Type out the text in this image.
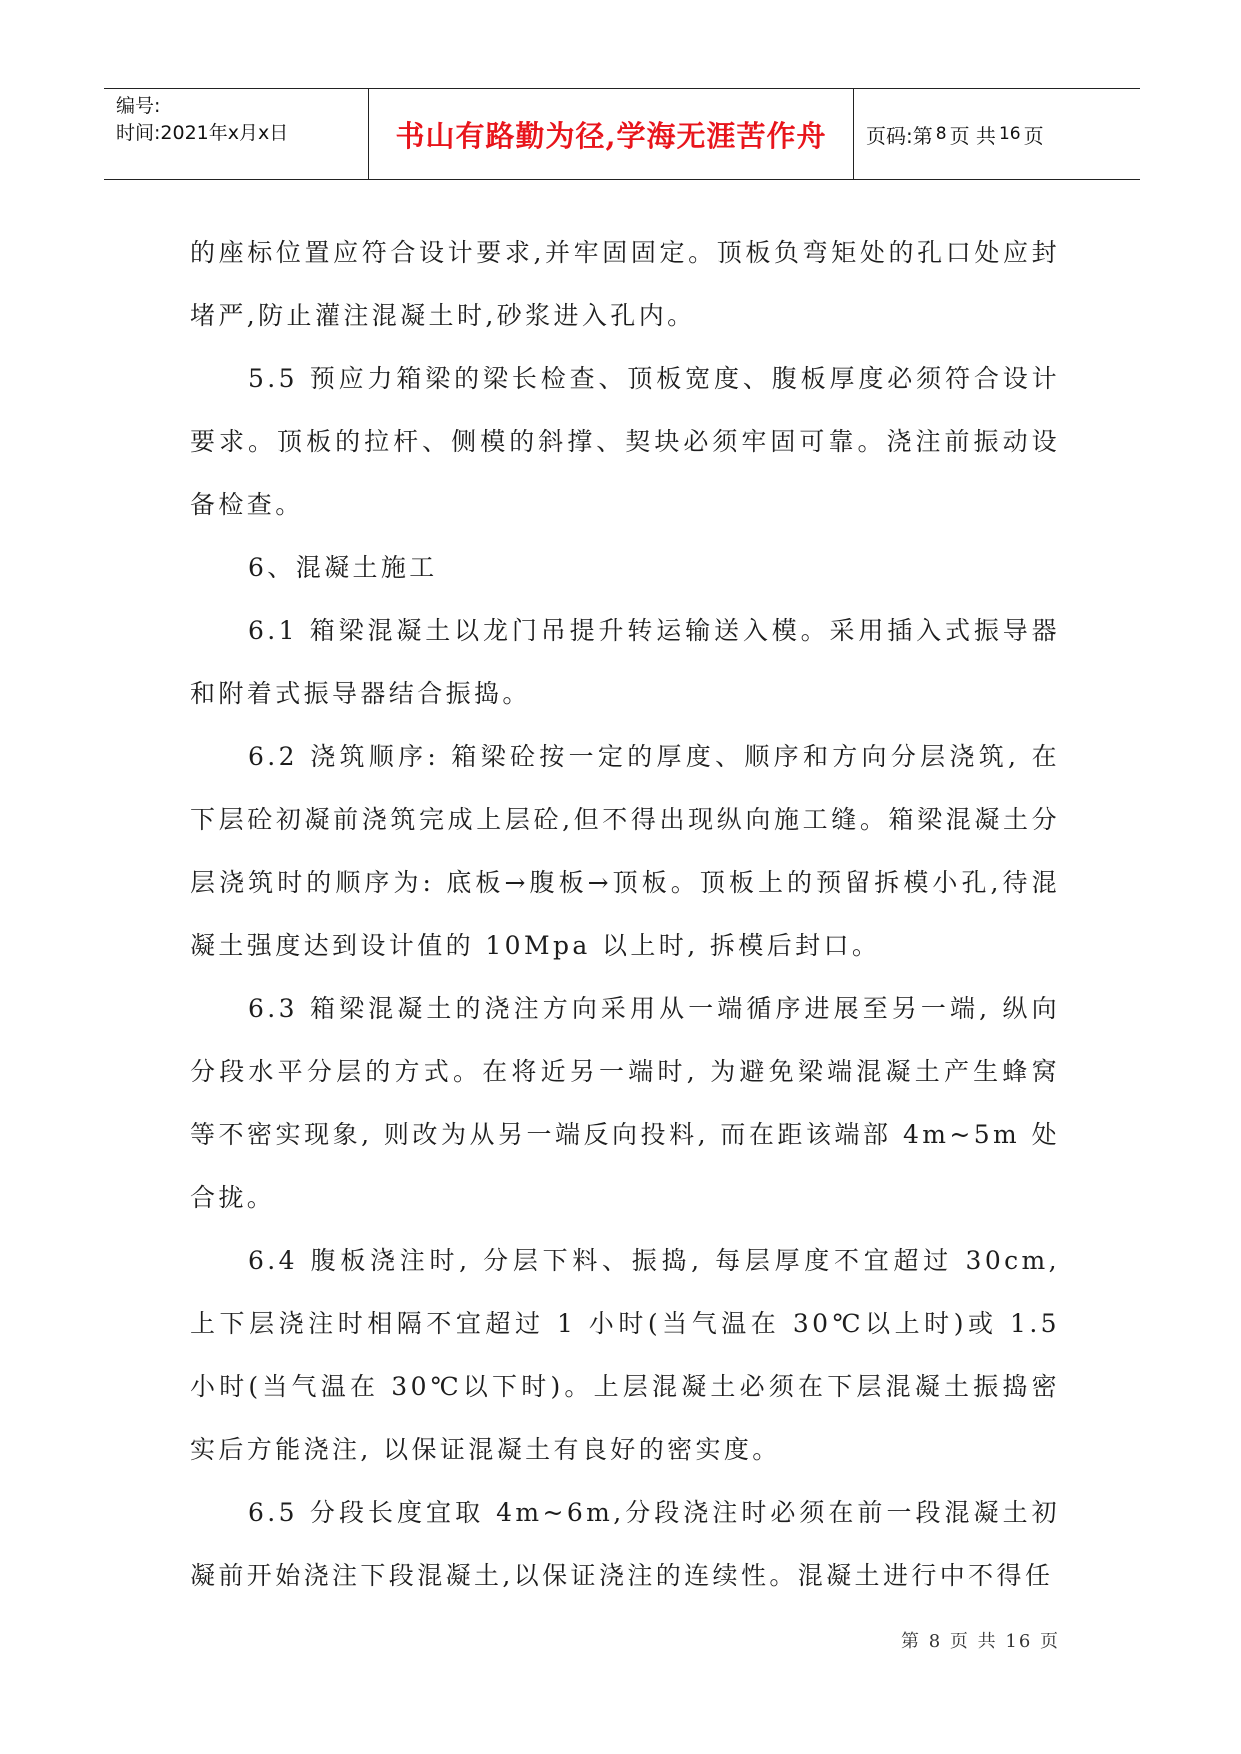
编号:
时间:2021年x月x日	书山有路勤为径,学海无涯苦作舟	页码:第 8 页 共 16 页

的座标位置应符合设计要求,并牢固固定。顶板负弯矩处的孔口处应封堵严,防止灌注混凝土时,砂浆进入孔内。

5.5 预应力箱梁的梁长检查、顶板宽度、腹板厚度必须符合设计要求。顶板的拉杆、侧模的斜撑、契块必须牢固可靠。浇注前振动设备检查。

6、混凝土施工

6.1 箱梁混凝土以龙门吊提升转运输送入模。采用插入式振导器和附着式振导器结合振捣。

6.2 浇筑顺序: 箱梁砼按一定的厚度、顺序和方向分层浇筑, 在下层砼初凝前浇筑完成上层砼,但不得出现纵向施工缝。箱梁混凝土分层浇筑时的顺序为: 底板→腹板→顶板。顶板上的预留拆模小孔,待混凝土强度达到设计值的 10Mpa 以上时, 拆模后封口。

6.3 箱梁混凝土的浇注方向采用从一端循序进展至另一端, 纵向分段水平分层的方式。在将近另一端时, 为避免梁端混凝土产生蜂窝等不密实现象, 则改为从另一端反向投料, 而在距该端部 4m~5m 处合拢。

6.4 腹板浇注时, 分层下料、振捣, 每层厚度不宜超过 30cm, 上下层浇注时相隔不宜超过 1 小时(当气温在 30℃以上时)或 1.5 小时(当气温在 30℃以下时)。上层混凝土必须在下层混凝土振捣密实后方能浇注, 以保证混凝土有良好的密实度。

6.5 分段长度宜取 4m~6m,分段浇注时必须在前一段混凝土初凝前开始浇注下段混凝土,以保证浇注的连续性。混凝土进行中不得任

第 8 页 共 16 页
